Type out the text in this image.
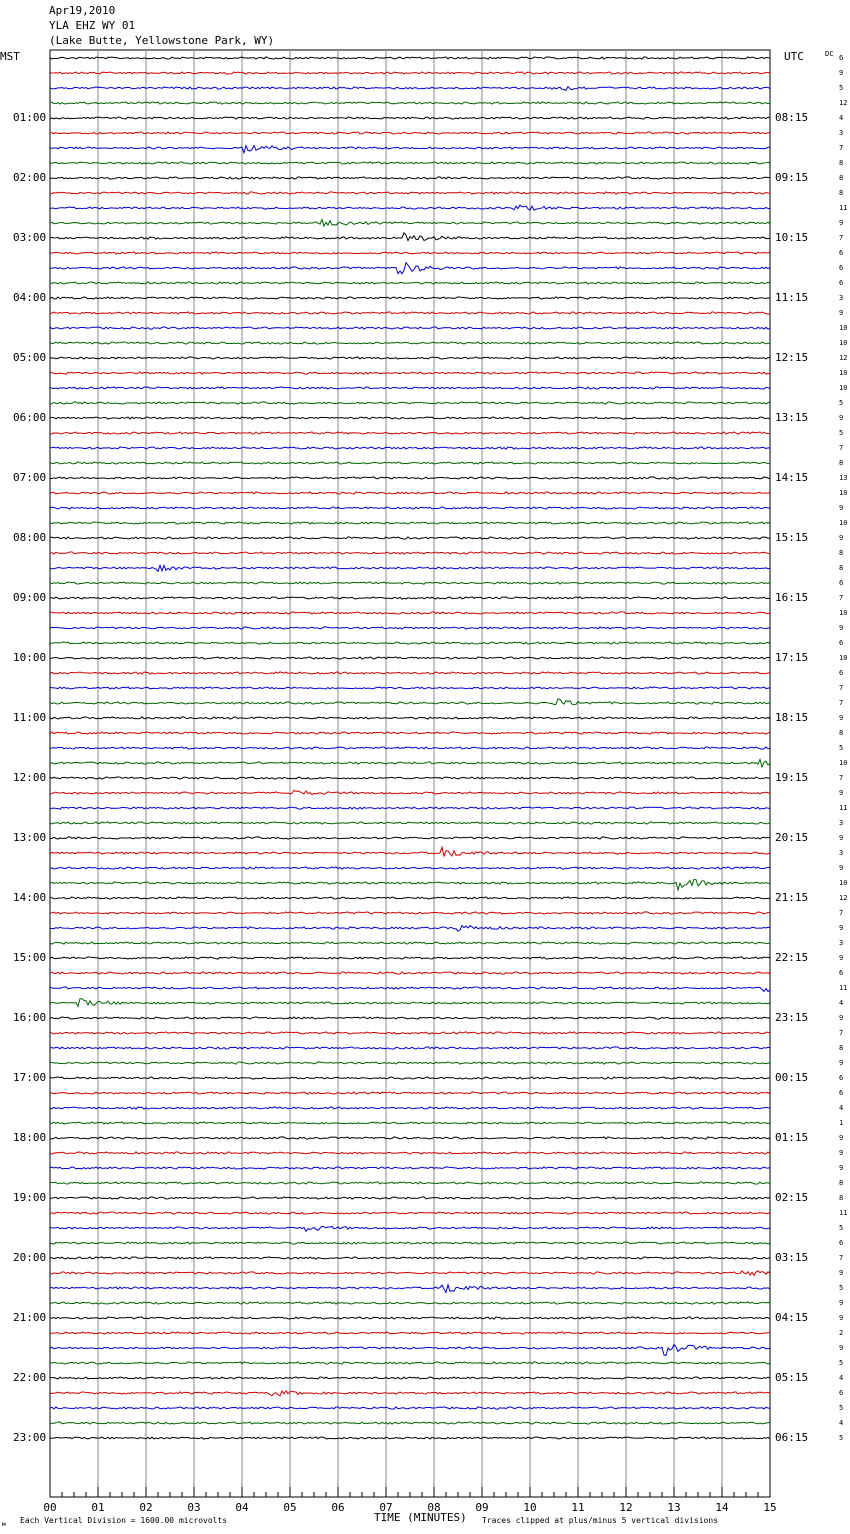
00	01	02	03	04	05	06	07	08	09	10	11	12	13	14	15
Apr19,2010
YLA EHZ WY 01
(Lake Butte, Yellowstone Park, WY)
MST	UTC	DC 6
9
5
12
4
3
7
8
8
8
11
9
7
6
6
6
3
9
10
10
12
10
10
5
9
5
7
8
13
10
9
10
9
8
8
6
7
10
9
6
10
6
7
7
9
8
5
10
7
9
11
3
9
3
9
10
12
7
9
3
9
6
11
4
9
7
8
9
6
6
4
1
9
9
9
8
8
11
5
6
7
9
5
9
9
2
9
5
4
6
5
4
5
01:00	08:15
02:00	09:15
03:00	10:15
04:00	11:15
05:00	12:15
06:00	13:15
07:00	14:15
08:00	15:15
09:00	16:15
10:00	17:15
11:00	18:15
12:00	19:15
13:00	20:15
14:00	21:15
15:00	22:15
16:00	23:15
17:00	00:15
18:00	01:15
19:00	02:15
20:00	03:15
21:00	04:15
22:00	05:15
23:00	06:15
Each Vertical Division = 1600.00 microvolts	TIME (MINUTES) Traces clipped at plus/minus 5 vertical divisions
м
